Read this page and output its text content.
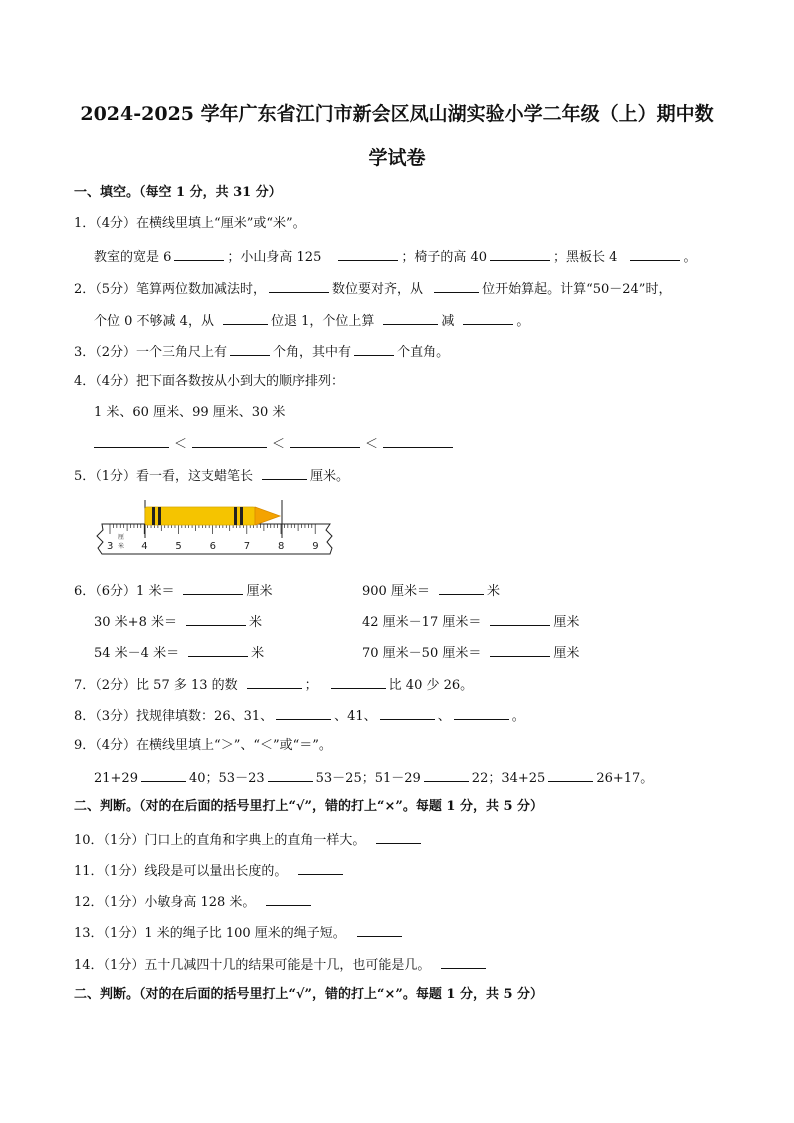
2024-2025 学年广东省江门市新会区凤山湖实验小学二年级（上）期中数
学试卷
一、填空。（每空 1 分，共 31 分）
1．（4分）在横线里填上“厘米”或“米”。
教室的宽是 6	；小山身高 125	；椅子的高 40	；黑板长 4	。
2．（5分）笔算两位数加减法时，	数位要对齐，从	位开始算起。计算“50－24”时，
个位 0 不够减 4，从	位退 1，个位上算	减	。
3．（2分）一个三角尺上有	个角，其中有	个直角。
4．（4分）把下面各数按从小到大的顺序排列：
1 米、60 厘米、99 厘米、30 米
＜	＜	＜
5．（1分）看一看，这支蜡笔长	厘米。
厘
米
3	4	5	6	7	8	9
6．（6分）1 米＝	厘米	900 厘米＝	米
30 米+8 米＝	米	42 厘米－17 厘米＝	厘米
54 米－4 米＝	米	70 厘米－50 厘米＝	厘米
7．（2分）比 57 多 13 的数	；	比 40 少 26。
8．（3分）找规律填数：26、31、	、41、	、	。
9．（4分）在横线里填上“＞”、“＜”或“＝”。
21+29	40；53－23	53－25；51－29	22；34+25	26+17。
二、判断。（对的在后面的括号里打上“√”，错的打上“×”。每题 1 分，共 5 分）
10．（1分）门口上的直角和字典上的直角一样大。
11．（1分）线段是可以量出长度的。
12．（1分）小敏身高 128 米。
13．（1分）1 米的绳子比 100 厘米的绳子短。
14．（1分）五十几减四十几的结果可能是十几，也可能是几。
二、判断。（对的在后面的括号里打上“√”，错的打上“×”。每题 1 分，共 5 分）
